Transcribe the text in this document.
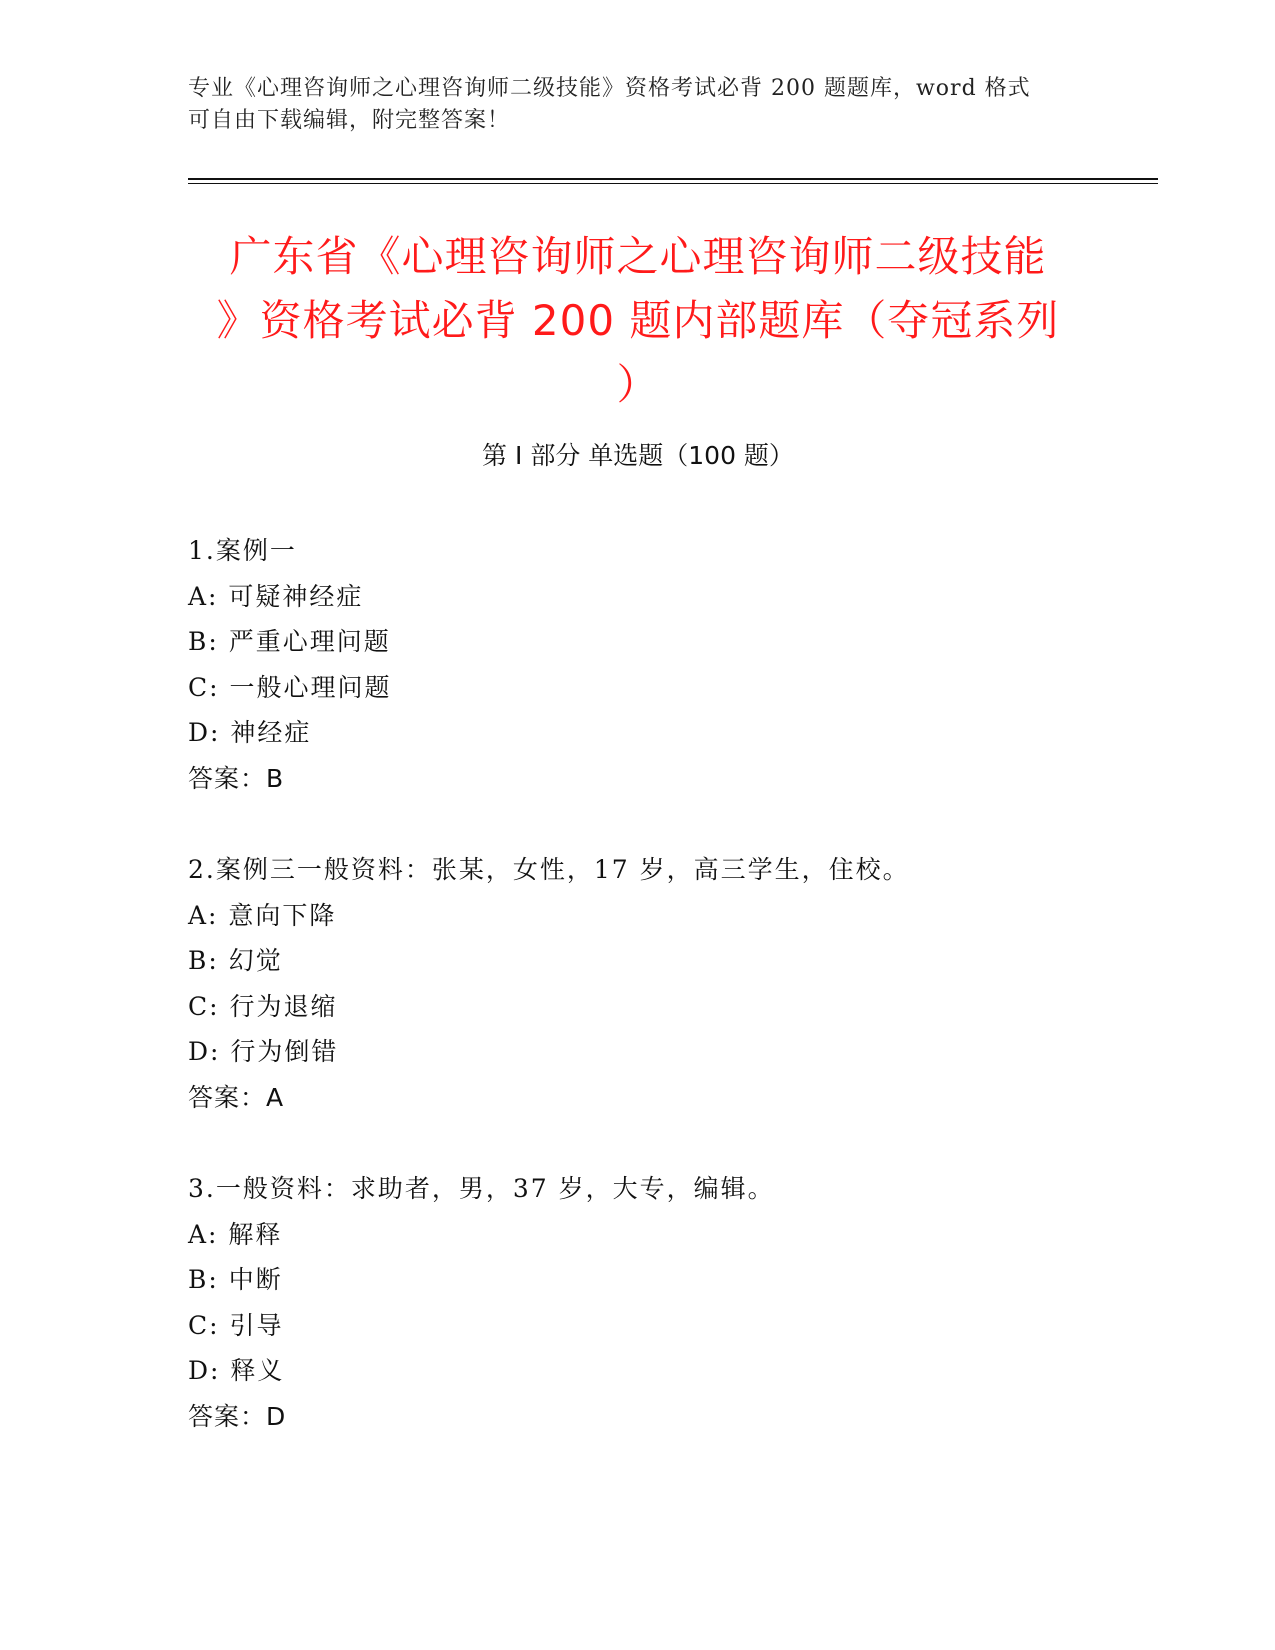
专业《心理咨询师之心理咨询师二级技能》资格考试必背 200 题题库，word 格式
可自由下载编辑，附完整答案！
广东省《心理咨询师之心理咨询师二级技能
》资格考试必背 200 题内部题库（夺冠系列
）
第 I 部分 单选题（100 题）
1.案例一
A: 可疑神经症
B: 严重心理问题
C: 一般心理问题
D: 神经症
答案：B
2.案例三一般资料：张某，女性，17 岁，高三学生，住校。
A: 意向下降
B: 幻觉
C: 行为退缩
D: 行为倒错
答案：A
3.一般资料：求助者，男，37 岁，大专，编辑。
A: 解释
B: 中断
C: 引导
D: 释义
答案：D
